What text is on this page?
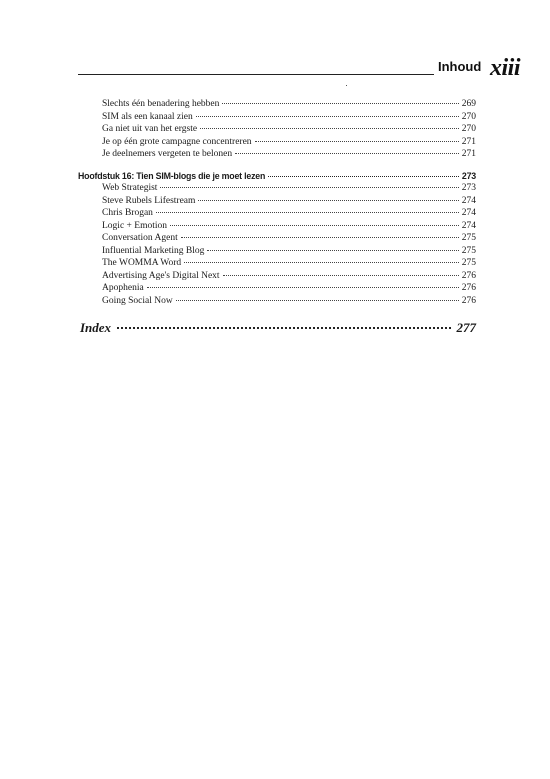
Inhoud xiii
Slechts één benadering hebben	269
SIM als een kanaal zien	270
Ga niet uit van het ergste	270
Je op één grote campagne concentreren	271
Je deelnemers vergeten te belonen	271
Hoofdstuk 16: Tien SIM-blogs die je moet lezen	273
Web Strategist	273
Steve Rubels Lifestream	274
Chris Brogan	274
Logic + Emotion	274
Conversation Agent	275
Influential Marketing Blog	275
The WOMMA Word	275
Advertising Age's Digital Next	276
Apophenia	276
Going Social Now	276
Index	277
